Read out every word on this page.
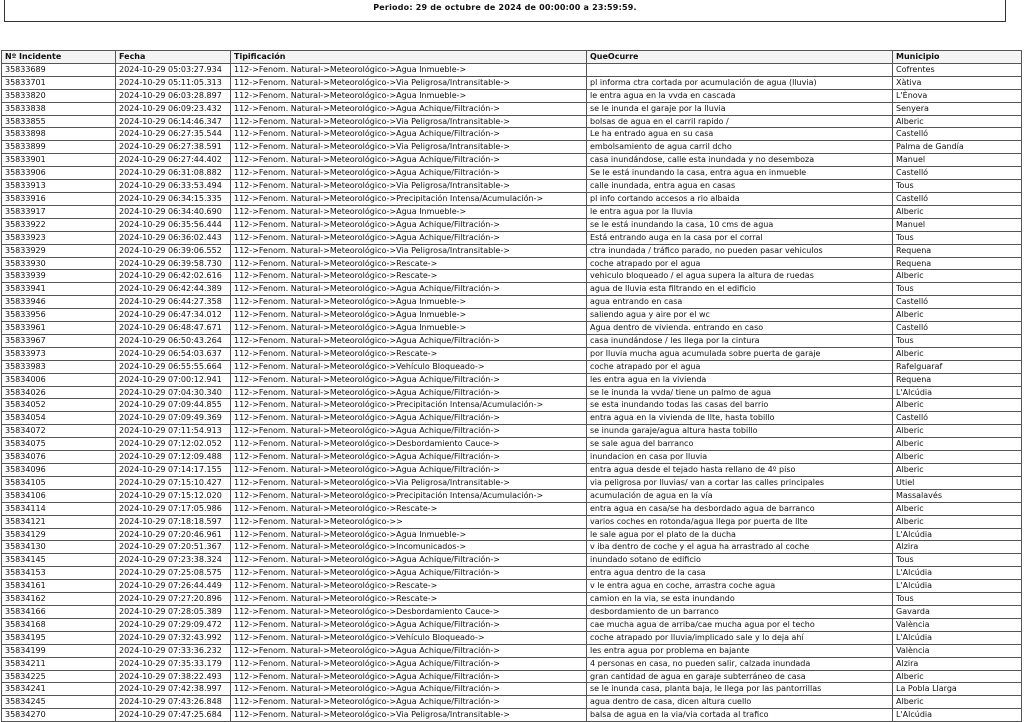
Periodo: 29 de octubre de 2024 de 00:00:00 a 23:59:59.
Nº Incidente	Fecha	Tipificación	QueOcurre	Municipio
35833689	2024-10-29 05:03:27.934	112->Fenom. Natural->Meteorológico->Agua Inmueble->		Cofrentes
35833701	2024-10-29 05:11:05.313	112->Fenom. Natural->Meteorológico->Via Peligrosa/Intransitable->	pl informa ctra cortada por acumulación de agua (lluvia)	Xàtiva
35833820	2024-10-29 06:03:28.897	112->Fenom. Natural->Meteorológico->Agua Inmueble->	le entra agua en la vvda en cascada	L'Ènova
35833838	2024-10-29 06:09:23.432	112->Fenom. Natural->Meteorológico->Agua Achique/Filtración->	se le inunda el garaje por la lluvia	Senyera
35833855	2024-10-29 06:14:46.347	112->Fenom. Natural->Meteorológico->Via Peligrosa/Intransitable->	bolsas de agua en el carril rapido /	Alberic
35833898	2024-10-29 06:27:35.544	112->Fenom. Natural->Meteorológico->Agua Achique/Filtración->	Le ha entrado agua en su casa	Castelló
35833899	2024-10-29 06:27:38.591	112->Fenom. Natural->Meteorológico->Via Peligrosa/Intransitable->	embolsamiento de agua carril dcho	Palma de Gandía
35833901	2024-10-29 06:27:44.402	112->Fenom. Natural->Meteorológico->Agua Achique/Filtración->	casa inundándose, calle esta inundada y no desemboza	Manuel
35833906	2024-10-29 06:31:08.882	112->Fenom. Natural->Meteorológico->Agua Achique/Filtración->	Se le está inundando la casa, entra agua en inmueble	Castelló
35833913	2024-10-29 06:33:53.494	112->Fenom. Natural->Meteorológico->Via Peligrosa/Intransitable->	calle inundada, entra agua en casas	Tous
35833916	2024-10-29 06:34:15.335	112->Fenom. Natural->Meteorológico->Precipitación Intensa/Acumulación->	pl info cortando accesos a rio albaida	Castelló
35833917	2024-10-29 06:34:40.690	112->Fenom. Natural->Meteorológico->Agua Inmueble->	le entra agua por la lluvia	Alberic
35833922	2024-10-29 06:35:56.444	112->Fenom. Natural->Meteorológico->Agua Achique/Filtración->	se le está inundando la casa, 10 cms de agua	Manuel
35833923	2024-10-29 06:36:02.443	112->Fenom. Natural->Meteorológico->Agua Achique/Filtración->	Está entrando auga en la casa por el corral	Tous
35833929	2024-10-29 06:39:06.552	112->Fenom. Natural->Meteorológico->Via Peligrosa/Intransitable->	ctra inundada / tráfico parado, no pueden pasar vehiculos	Requena
35833930	2024-10-29 06:39:58.730	112->Fenom. Natural->Meteorológico->Rescate->	coche atrapado por el agua	Requena
35833939	2024-10-29 06:42:02.616	112->Fenom. Natural->Meteorológico->Rescate->	vehiculo bloqueado / el agua supera la altura de ruedas	Alberic
35833941	2024-10-29 06:42:44.389	112->Fenom. Natural->Meteorológico->Agua Achique/Filtración->	agua de lluvia esta filtrando en el edificio	Tous
35833946	2024-10-29 06:44:27.358	112->Fenom. Natural->Meteorológico->Agua Inmueble->	agua entrando en casa	Castelló
35833956	2024-10-29 06:47:34.012	112->Fenom. Natural->Meteorológico->Agua Inmueble->	saliendo agua y aire por el wc	Alberic
35833961	2024-10-29 06:48:47.671	112->Fenom. Natural->Meteorológico->Agua Inmueble->	Agua dentro de vivienda. entrando en caso	Castelló
35833967	2024-10-29 06:50:43.264	112->Fenom. Natural->Meteorológico->Agua Achique/Filtración->	casa inundándose / les llega por la cintura	Tous
35833973	2024-10-29 06:54:03.637	112->Fenom. Natural->Meteorológico->Rescate->	por lluvia mucha agua acumulada sobre puerta de garaje	Alberic
35833983	2024-10-29 06:55:55.664	112->Fenom. Natural->Meteorológico->Vehículo Bloqueado->	coche atrapado por el agua	Rafelguaraf
35834006	2024-10-29 07:00:12.941	112->Fenom. Natural->Meteorológico->Agua Achique/Filtración->	les entra agua en la vivienda	Requena
35834026	2024-10-29 07:04:30.340	112->Fenom. Natural->Meteorológico->Agua Achique/Filtración->	se le inunda la vvda/ tiene un palmo de agua	L'Alcúdia
35834052	2024-10-29 07:09:44.855	112->Fenom. Natural->Meteorológico->Precipitación Intensa/Acumulación->	se esta inundando todas las casas del barrio	Alberic
35834054	2024-10-29 07:09:49.369	112->Fenom. Natural->Meteorológico->Agua Achique/Filtración->	entra agua en la vivienda de llte, hasta tobillo	Castelló
35834072	2024-10-29 07:11:54.913	112->Fenom. Natural->Meteorológico->Agua Achique/Filtración->	se inunda garaje/agua altura hasta tobillo	Alberic
35834075	2024-10-29 07:12:02.052	112->Fenom. Natural->Meteorológico->Desbordamiento Cauce->	se sale agua del barranco	Alberic
35834076	2024-10-29 07:12:09.488	112->Fenom. Natural->Meteorológico->Agua Achique/Filtración->	inundacion en casa por lluvia	Alberic
35834096	2024-10-29 07:14:17.155	112->Fenom. Natural->Meteorológico->Agua Achique/Filtración->	entra agua desde el tejado hasta rellano de 4º piso	Alberic
35834105	2024-10-29 07:15:10.427	112->Fenom. Natural->Meteorológico->Via Peligrosa/Intransitable->	via peligrosa por lluvias/ van a cortar las calles principales	Utiel
35834106	2024-10-29 07:15:12.020	112->Fenom. Natural->Meteorológico->Precipitación Intensa/Acumulación->	acumulación de agua en la vía	Massalavés
35834114	2024-10-29 07:17:05.986	112->Fenom. Natural->Meteorológico->Rescate->	entra agua en casa/se ha desbordado agua de barranco	Alberic
35834121	2024-10-29 07:18:18.597	112->Fenom. Natural->Meteorológico->>	varios coches en rotonda/agua llega por puerta de llte	Alberic
35834129	2024-10-29 07:20:46.961	112->Fenom. Natural->Meteorológico->Agua Inmueble->	le sale agua por el plato de la ducha	L'Alcúdia
35834130	2024-10-29 07:20:51.367	112->Fenom. Natural->Meteorológico->Incomunicados->	v iba dentro de coche y el agua ha arrastrado al coche	Alzira
35834145	2024-10-29 07:23:38.324	112->Fenom. Natural->Meteorológico->Agua Achique/Filtración->	inundado sotano de edificio	Tous
35834153	2024-10-29 07:25:08.575	112->Fenom. Natural->Meteorológico->Agua Achique/Filtración->	entra agua dentro de la casa	L'Alcúdia
35834161	2024-10-29 07:26:44.449	112->Fenom. Natural->Meteorológico->Rescate->	v le entra agua en coche, arrastra coche agua	L'Alcúdia
35834162	2024-10-29 07:27:20.896	112->Fenom. Natural->Meteorológico->Rescate->	camion en la via, se esta inundando	Tous
35834166	2024-10-29 07:28:05.389	112->Fenom. Natural->Meteorológico->Desbordamiento Cauce->	desbordamiento de un barranco	Gavarda
35834168	2024-10-29 07:29:09.472	112->Fenom. Natural->Meteorológico->Agua Achique/Filtración->	cae mucha agua de arriba/cae mucha agua por el techo	València
35834195	2024-10-29 07:32:43.992	112->Fenom. Natural->Meteorológico->Vehículo Bloqueado->	coche atrapado por lluvia/implicado sale y lo deja ahí	L'Alcúdia
35834199	2024-10-29 07:33:36.232	112->Fenom. Natural->Meteorológico->Agua Achique/Filtración->	les entra agua por problema en bajante	València
35834211	2024-10-29 07:35:33.179	112->Fenom. Natural->Meteorológico->Agua Achique/Filtración->	4 personas en casa, no pueden salir, calzada inundada	Alzira
35834225	2024-10-29 07:38:22.493	112->Fenom. Natural->Meteorológico->Agua Achique/Filtración->	gran cantidad de agua en garaje subterráneo de casa	Alberic
35834241	2024-10-29 07:42:38.997	112->Fenom. Natural->Meteorológico->Agua Achique/Filtración->	se le inunda casa, planta baja, le llega por las pantorrillas	La Pobla Llarga
35834245	2024-10-29 07:43:26.848	112->Fenom. Natural->Meteorológico->Agua Achique/Filtración->	agua dentro de casa, dicen altura cuello	Alberic
35834270	2024-10-29 07:47:25.684	112->Fenom. Natural->Meteorológico->Via Peligrosa/Intransitable->	balsa de agua en la via/via cortada al trafico	L'Alcúdia
